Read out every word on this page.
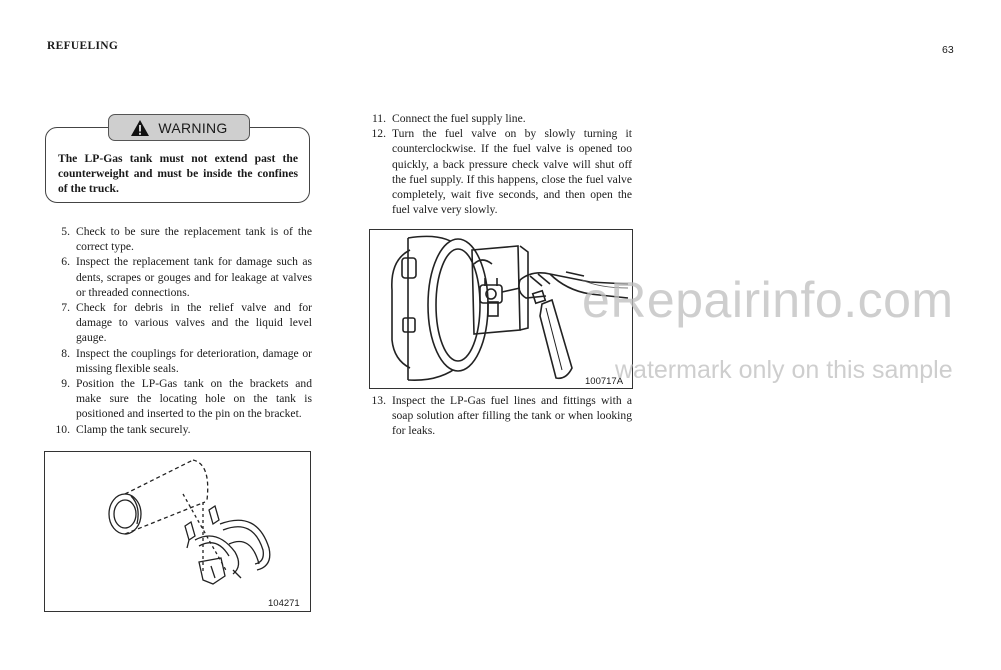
REFUELING	63
WARNING
The LP-Gas tank must not extend past the counterweight and must be inside the confines of the truck.
5. Check to be sure the replacement tank is of the correct type.
6. Inspect the replacement tank for damage such as dents, scrapes or gouges and for leakage at valves or threaded connections.
7. Check for debris in the relief valve and for damage to various valves and the liquid level gauge.
8. Inspect the couplings for deterioration, damage or missing flexible seals.
9. Position the LP-Gas tank on the brackets and make sure the locating hole on the tank is positioned and inserted to the pin on the bracket.
10. Clamp the tank securely.
11. Connect the fuel supply line.
12. Turn the fuel valve on by slowly turning it counterclockwise. If the fuel valve is opened too quickly, a back pressure check valve will shut off the fuel supply. If this happens, close the fuel valve completely, wait five seconds, and then open the fuel valve very slowly.
100717A
13. Inspect the LP-Gas fuel lines and fittings with a soap solution after filling the tank or when looking for leaks.
104271
eRepairinfo.com
watermark only on this sample
